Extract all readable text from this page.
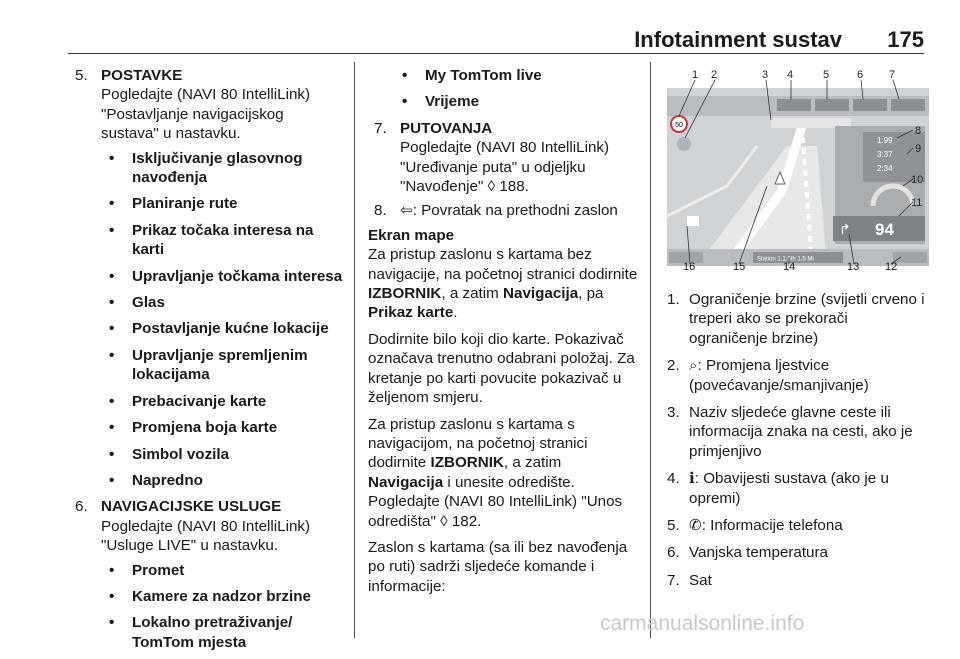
Infotainment sustav 175
5. POSTAVKE
Pogledajte (NAVI 80 IntelliLink) "Postavljanje navigacijskog sustava" u nastavku.
•	Isključivanje glasovnog navođenja
•	Planiranje rute
•	Prikaz točaka interesa na karti
•	Upravljanje točkama interesa
•	Glas
•	Postavljanje kućne lokacije
•	Upravljanje spremljenim lokacijama
•	Prebacivanje karte
•	Promjena boja karte
•	Simbol vozila
•	Napredno
6. NAVIGACIJSKE USLUGE
Pogledajte (NAVI 80 IntelliLink) "Usluge LIVE" u nastavku.
•	Promet
•	Kamere za nadzor brzine
•	Lokalno pretraživanje/ TomTom mjesta
•	My TomTom live
•	Vrijeme
7. PUTOVANJA
Pogledajte (NAVI 80 IntelliLink) "Uređivanje puta" u odjeljku "Navođenje" ◊ 188.
8. ⇦: Povratak na prethodni zaslon
Ekran mape

Za pristup zaslonu s kartama bez navigacije, na početnoj stranici dodirnite IZBORNIK, a zatim Navigacija, pa Prikaz karte.

Dodirnite bilo koji dio karte. Pokazivač označava trenutno odabrani položaj. Za kretanje po karti povucite pokazivač u željenom smjeru.

Za pristup zaslonu s kartama s navigacijom, na početnoj stranici dodirnite IZBORNIK, a zatim Navigacija i unesite odredište. Pogledajte (NAVI 80 IntelliLink) "Unos odredišta" ◊ 182.

Zaslon s kartama (sa ili bez navođenja po ruti) sadrži sljedeće komande i informacije:

50
1:99
3:37
2:34
↱ 94
Station 1.1.5th 1.5 Mi
1 2	3 4	5	6 7
8
9
10
11
16	15	14	13 12
1. Ograničenje brzine (svijetli crveno i treperi ako se prekorači ograničenje brzine)
2. ⌕: Promjena ljestvice (povećavanje/smanjivanje)
3. Naziv sljedeće glavne ceste ili informacija znaka na cesti, ako je primjenjivo
4. ℹ: Obavijesti sustava (ako je u opremi)
5. ✆: Informacije telefona
6. Vanjska temperatura
7. Sat
carmanualsonline.info
